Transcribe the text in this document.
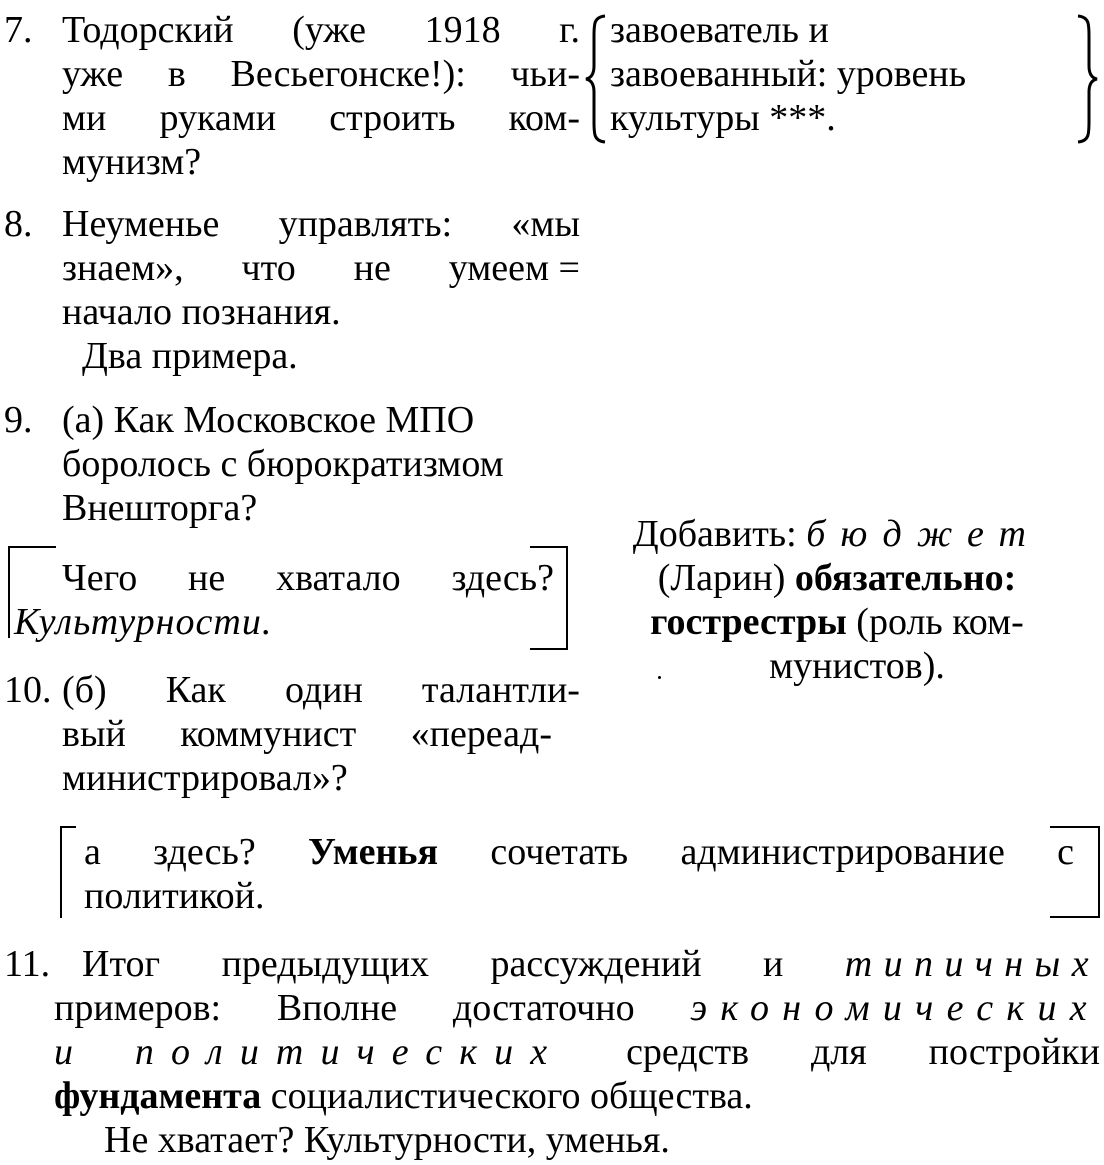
7. Тодорский (уже 1918 г.
уже в Весьегонске!): чьи-
ми руками строить ком-
мунизм?
завоеватель и
завоеванный: уровень
культуры ***.
8. Неуменье управлять: «мы
знаем», что не умеем =
начало познания.
Два примера.
9. (а) Как Московское МПО
боролось с бюрократизмом
Внешторга?
Чего не хватало здесь?
Культурности.
Добавить: бюджет
(Ларин) обязательно:
гострестры (роль ком-
мунистов).
10. (б) Как один талантли-
вый коммунист «переад-
министрировал»?
а здесь? Уменья сочетать администрирование с
политикой.
11. Итог предыдущих рассуждений и типичных
примеров: Вполне достаточно экономических
и политических средств для постройки
фундамента социалистического общества.
Не хватает? Культурности, уменья.
